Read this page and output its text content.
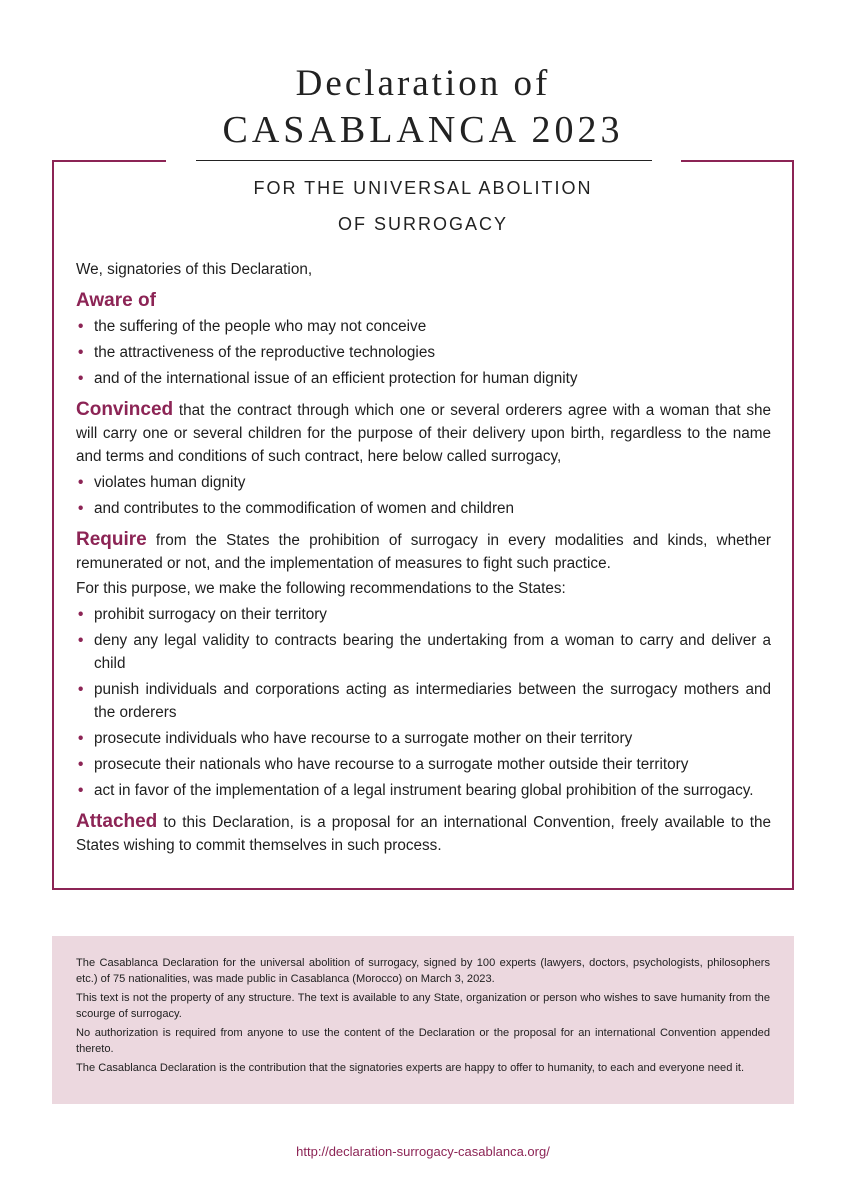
Declaration of
CASABLANCA 2023
FOR THE UNIVERSAL ABOLITION
OF SURROGACY

We, signatories of this Declaration,

Aware of
• the suffering of the people who may not conceive
• the attractiveness of the reproductive technologies
• and of the international issue of an efficient protection for human dignity

Convinced that the contract through which one or several orderers agree with a woman that she will carry one or several children for the purpose of their delivery upon birth, regardless to the name and terms and conditions of such contract, here below called surrogacy,

• violates human dignity
• and contributes to the commodification of women and children

Require from the States the prohibition of surrogacy in every modalities and kinds, whether remunerated or not, and the implementation of measures to fight such practice.

For this purpose, we make the following recommendations to the States:

• prohibit surrogacy on their territory
• deny any legal validity to contracts bearing the undertaking from a woman to carry and deliver a child
• punish individuals and corporations acting as intermediaries between the surrogacy mothers and the orderers
• prosecute individuals who have recourse to a surrogate mother on their territory
• prosecute their nationals who have recourse to a surrogate mother outside their territory
• act in favor of the implementation of a legal instrument bearing global prohibition of the surrogacy.

Attached to this Declaration, is a proposal for an international Convention, freely available to the States wishing to commit themselves in such process.

The Casablanca Declaration for the universal abolition of surrogacy, signed by 100 experts (lawyers, doctors, psychologists, philosophers etc.) of 75 nationalities, was made public in Casablanca (Morocco) on March 3, 2023.

This text is not the property of any structure. The text is available to any State, organization or person who wishes to save humanity from the scourge of surrogacy.

No authorization is required from anyone to use the content of the Declaration or the proposal for an international Convention appended thereto.

The Casablanca Declaration is the contribution that the signatories experts are happy to offer to humanity, to each and everyone need it.

http://declaration-surrogacy-casablanca.org/
